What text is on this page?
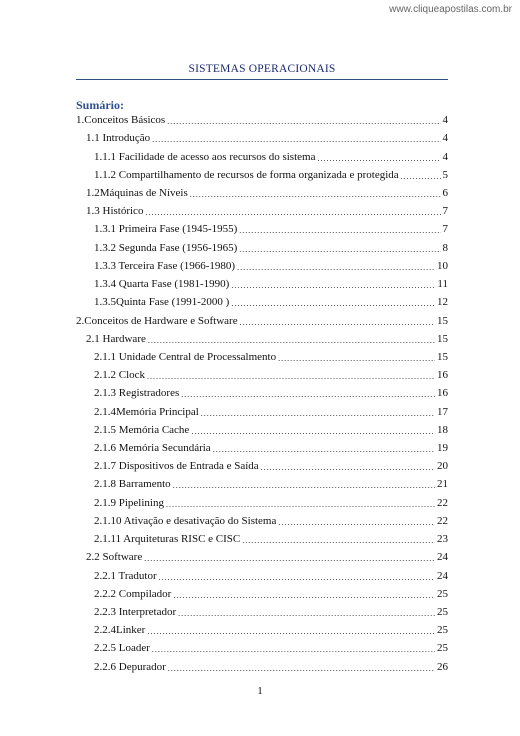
www.cliqueapostilas.com.br
SISTEMAS OPERACIONAIS
Sumário:
1.Conceitos Básicos .....	4
1.1 Introdução .....	4
1.1.1 Facilidade de acesso aos recursos do sistema .....	4
1.1.2 Compartilhamento de recursos de forma organizada e protegida .....	5
1.2Máquinas de Níveis .....	6
1.3 Histórico .....	7
1.3.1 Primeira Fase (1945-1955) .....	7
1.3.2 Segunda Fase (1956-1965) .....	8
1.3.3 Terceira Fase (1966-1980) .....	10
1.3.4 Quarta Fase (1981-1990) .....	11
1.3.5Quinta Fase (1991-2000 ) .....	12
2.Conceitos de Hardware e Software .....	15
2.1 Hardware .....	15
2.1.1 Unidade Central de Processalmento .....	15
2.1.2 Clock .....	16
2.1.3 Registradores .....	16
2.1.4Memória Principal .....	17
2.1.5 Memória Cache .....	18
2.1.6 Memória Secundária .....	19
2.1.7 Dispositivos de Entrada e Saída .....	20
2.1.8 Barramento .....	21
2.1.9 Pipelining .....	22
2.1.10 Ativação e desativação do Sistema .....	22
2.1.11 Arquiteturas RISC e CISC .....	23
2.2 Software .....	24
2.2.1 Tradutor .....	24
2.2.2 Compilador .....	25
2.2.3 Interpretador .....	25
2.2.4Linker .....	25
2.2.5 Loader .....	25
2.2.6 Depurador .....	26
1
